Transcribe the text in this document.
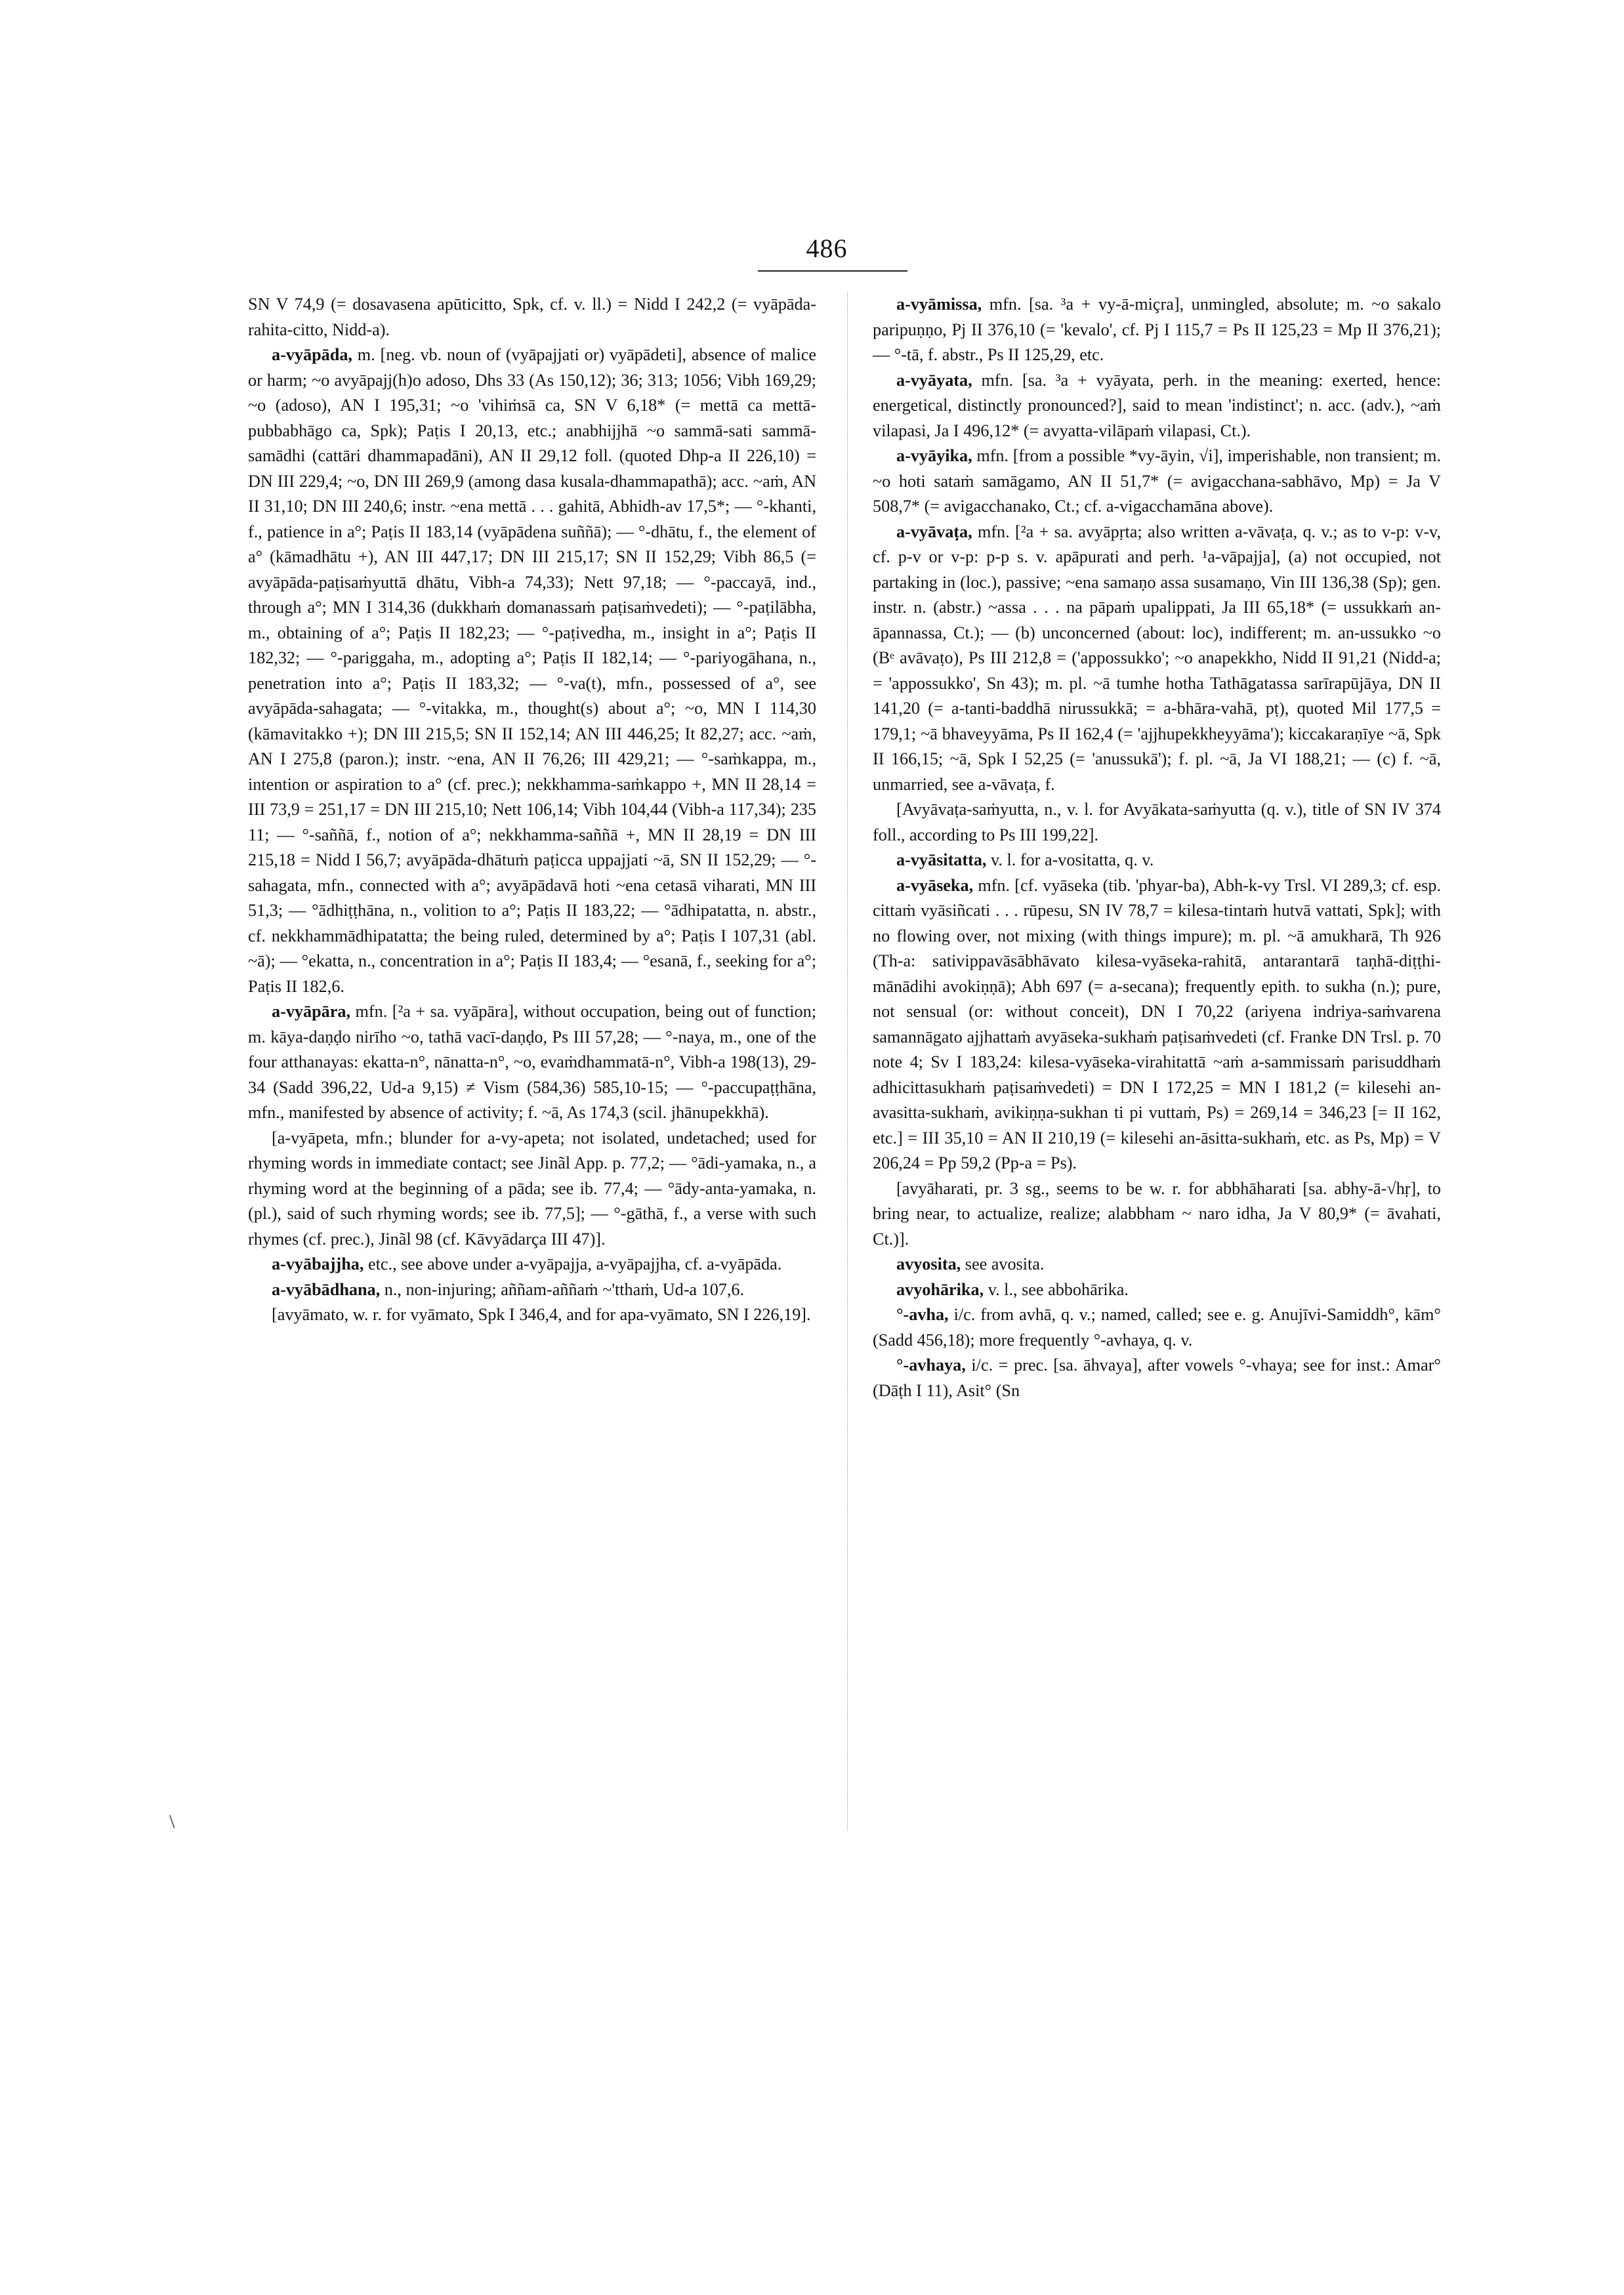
486

SN V 74,9 (= dosavasena apūticitto, Spk, cf. v. ll.) = Nidd I 242,2 (= vyāpāda-rahita-citto, Nidd-a).

a-vyāpāda, m. [neg. vb. noun of (vyāpajjati or) vyāpādeti], absence of malice or harm; ~o avyāpajj(h)o adoso, Dhs 33 (As 150,12); 36; 313; 1056; Vibh 169,29; ~o (adoso), AN I 195,31; ~o 'vihiṁsā ca, SN V 6,18* (= mettā ca mettā-pubbabhāgo ca, Spk); Paṭis I 20,13, etc.; anabhijjhā ~o sammā-sati sammā-samādhi (cattāri dhammapadāni), AN II 29,12 foll. (quoted Dhp-a II 226,10) = DN III 229,4; ~o, DN III 269,9 (among dasa kusala-dhammapathā); acc. ~aṁ, AN II 31,10; DN III 240,6; instr. ~ena mettā . . . gahitā, Abhidh-av 17,5*; — °-khanti, f., patience in a°; Paṭis II 183,14 (vyāpādena suññā); — °-dhātu, f., the element of a° (kāmadhātu +), AN III 447,17; DN III 215,17; SN II 152,29; Vibh 86,5 (= avyāpāda-paṭisaṁyuttā dhātu, Vibh-a 74,33); Nett 97,18; — °-paccayā, ind., through a°; MN I 314,36 (dukkhaṁ domanassaṁ paṭisaṁvedeti); — °-paṭilābha, m., obtaining of a°; Paṭis II 182,23; — °-paṭivedha, m., insight in a°; Paṭis II 182,32; — °-pariggaha, m., adopting a°; Paṭis II 182,14; — °-pariyogāhana, n., penetration into a°; Paṭis II 183,32; — °-va(t), mfn., possessed of a°, see avyāpāda-sahagata; — °-vitakka, m., thought(s) about a°; ~o, MN I 114,30 (kāmavitakko +); DN III 215,5; SN II 152,14; AN III 446,25; It 82,27; acc. ~aṁ, AN I 275,8 (paron.); instr. ~ena, AN II 76,26; III 429,21; — °-saṁkappa, m., intention or aspiration to a° (cf. prec.); nekkhamma-saṁkappo +, MN II 28,14 = III 73,9 = 251,17 = DN III 215,10; Nett 106,14; Vibh 104,44 (Vibh-a 117,34); 235 11; — °-saññā, f., notion of a°; nekkhamma-saññā +, MN II 28,19 = DN III 215,18 = Nidd I 56,7; avyāpāda-dhātuṁ paṭicca uppajjati ~ā, SN II 152,29; — °-sahagata, mfn., connected with a°; avyāpādavā hoti ~ena cetasā viharati, MN III 51,3; — °ādhiṭṭhāna, n., volition to a°; Paṭis II 183,22; — °ādhipatatta, n. abstr., cf. nekkhammādhipatatta; the being ruled, determined by a°; Paṭis I 107,31 (abl. ~ā); — °ekatta, n., concentration in a°; Paṭis II 183,4; — °esanā, f., seeking for a°; Paṭis II 182,6.

a-vyāpāra, mfn. [²a + sa. vyāpāra], without occupation, being out of function; m. kāya-daṇḍo nirīho ~o, tathā vacī-daṇḍo, Ps III 57,28; — °-naya, m., one of the four atthanayas: ekatta-n°, nānatta-n°, ~o, evaṁdhammatā-n°, Vibh-a 198(13), 29-34 (Sadd 396,22, Ud-a 9,15) ≠ Vism (584,36) 585,10-15; — °-paccupaṭṭhāna, mfn., manifested by absence of activity; f. ~ā, As 174,3 (scil. jhānupekkhā).

[a-vyāpeta, mfn.; blunder for a-vy-apeta; not isolated, undetached; used for rhyming words in immediate contact; see Jinãl App. p. 77,2; — °ādi-yamaka, n., a rhyming word at the beginning of a pāda; see ib. 77,4; — °ādy-anta-yamaka, n. (pl.), said of such rhyming words; see ib. 77,5]; — °-gāthā, f., a verse with such rhymes (cf. prec.), Jinãl 98 (cf. Kāvyādarça III 47)].

a-vyābajjha, etc., see above under a-vyāpajja, a-vyāpajjha, cf. a-vyāpāda.

a-vyābādhana, n., non-injuring; aññam-aññaṁ ~'tthaṁ, Ud-a 107,6.

[avyāmato, w. r. for vyāmato, Spk I 346,4, and for apa-vyāmato, SN I 226,19].

a-vyāmissa, mfn. [sa. ³a + vy-ā-miçra], unmingled, absolute; m. ~o sakalo paripuṇṇo, Pj II 376,10 (= 'kevalo', cf. Pj I 115,7 = Ps II 125,23 = Mp II 376,21); — °-tā, f. abstr., Ps II 125,29, etc.

a-vyāyata, mfn. [sa. ³a + vyāyata, perh. in the meaning: exerted, hence: energetical, distinctly pronounced?], said to mean 'indistinct'; n. acc. (adv.), ~aṁ vilapasi, Ja I 496,12* (= avyatta-vilāpaṁ vilapasi, Ct.).

a-vyāyika, mfn. [from a possible *vy-āyin, √i], imperishable, non transient; m. ~o hoti sataṁ samāgamo, AN II 51,7* (= avigacchana-sabhāvo, Mp) = Ja V 508,7* (= avigacchanako, Ct.; cf. a-vigacchamāna above).

a-vyāvaṭa, mfn. [²a + sa. avyāpṛta; also written a-vāvaṭa, q. v.; as to v-p: v-v, cf. p-v or v-p: p-p s. v. apāpurati and perh. ¹a-vāpajja], (a) not occupied, not partaking in (loc.), passive; ~ena samaṇo assa susamaṇo, Vin III 136,38 (Sp); gen. instr. n. (abstr.) ~assa . . . na pāpaṁ upalippati, Ja III 65,18* (= ussukkaṁ an-āpannassa, Ct.); — (b) unconcerned (about: loc), indifferent; m. an-ussukko ~o (Bᵉ avāvaṭo), Ps III 212,8 = ('appossukko'; ~o anapekkho, Nidd II 91,21 (Nidd-a; = 'appossukko', Sn 43); m. pl. ~ā tumhe hotha Tathāgatassa sarīrapūjāya, DN II 141,20 (= a-tanti-baddhā nirussukkā; = a-bhāra-vahā, pṭ), quoted Mil 177,5 = 179,1; ~ā bhaveyyāma, Ps II 162,4 (= 'ajjhupekkheyyāma'); kiccakaraṇīye ~ā, Spk II 166,15; ~ā, Spk I 52,25 (= 'anussukā'); f. pl. ~ā, Ja VI 188,21; — (c) f. ~ā, unmarried, see a-vāvaṭa, f.

[Avyāvaṭa-saṁyutta, n., v. l. for Avyākata-saṁyutta (q. v.), title of SN IV 374 foll., according to Ps III 199,22].

a-vyāsitatta, v. l. for a-vositatta, q. v.

a-vyāseka, mfn. [cf. vyāseka (tib. 'phyar-ba), Abh-k-vy Trsl. VI 289,3; cf. esp. cittaṁ vyāsiñcati . . . rūpesu, SN IV 78,7 = kilesa-tintaṁ hutvā vattati, Spk]; with no flowing over, not mixing (with things impure); m. pl. ~ā amukharā, Th 926 (Th-a: sativippavāsābhāvato kilesa-vyāseka-rahitā, antarantarā taṇhā-diṭṭhi-mānādihi avokiṇṇā); Abh 697 (= a-secana); frequently epith. to sukha (n.); pure, not sensual (or: without conceit), DN I 70,22 (ariyena indriya-saṁvarena samannāgato ajjhattaṁ avyāseka-sukhaṁ paṭisaṁvedeti (cf. Franke DN Trsl. p. 70 note 4; Sv I 183,24: kilesa-vyāseka-virahitattā ~aṁ a-sammissaṁ parisuddhaṁ adhicittasukhaṁ paṭisaṁvedeti) = DN I 172,25 = MN I 181,2 (= kilesehi an-avasitta-sukhaṁ, avikiṇṇa-sukhan ti pi vuttaṁ, Ps) = 269,14 = 346,23 [= II 162, etc.] = III 35,10 = AN II 210,19 (= kilesehi an-āsitta-sukhaṁ, etc. as Ps, Mp) = V 206,24 = Pp 59,2 (Pp-a = Ps).

[avyāharati, pr. 3 sg., seems to be w. r. for abbhāharati [sa. abhy-ā-√hṛ], to bring near, to actualize, realize; alabbham ~ naro idha, Ja V 80,9* (= āvahati, Ct.)].

avyosita, see avosita.

avyohārika, v. l., see abbohārika.

°-avha, i/c. from avhā, q. v.; named, called; see e. g. Anujīvi-Samiddh°, kām° (Sadd 456,18); more frequently °-avhaya, q. v.

°-avhaya, i/c. = prec. [sa. āhvaya], after vowels °-vhaya; see for inst.: Amar° (Dāṭh I 11), Asit° (Sn

\
